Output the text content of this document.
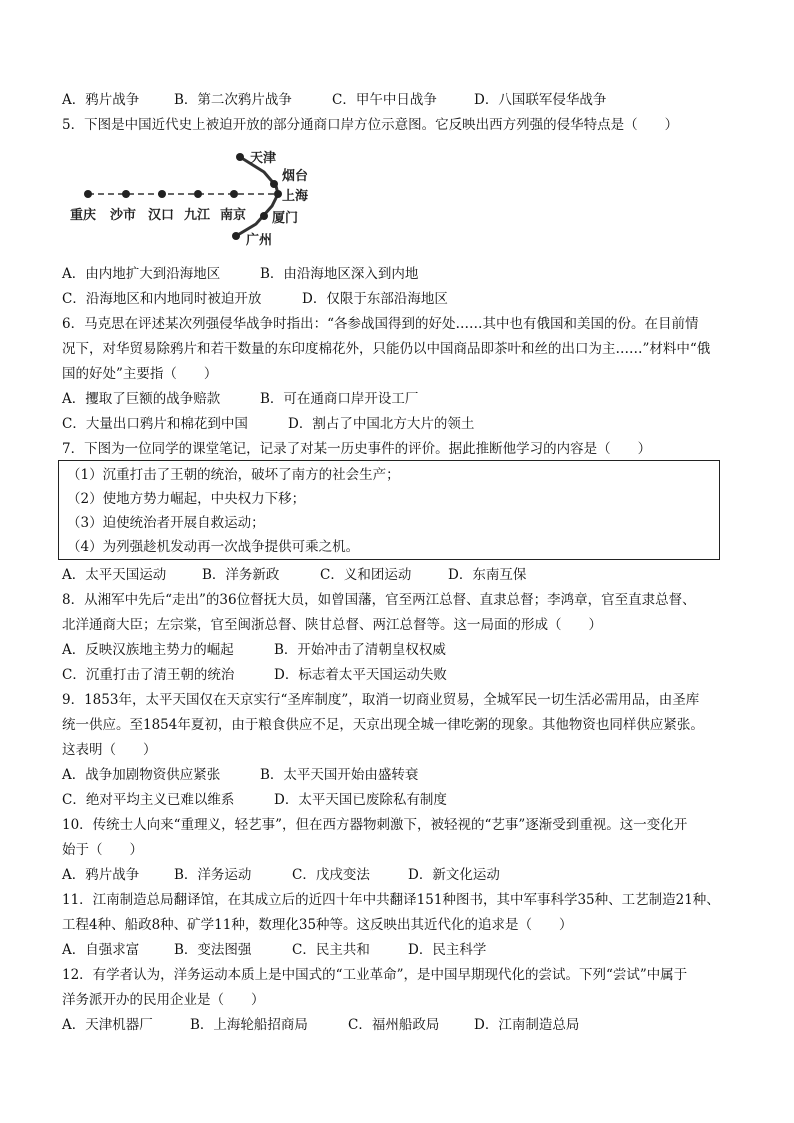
A．鸦片战争	B．第二次鸦片战争	C．甲午中日战争	D．八国联军侵华战争
5．下图是中国近代史上被迫开放的部分通商口岸方位示意图。它反映出西方列强的侵华特点是（　　）
重庆 沙市 汉口 九江 南京
天津
烟台
上海
厦门
广州
A．由内地扩大到沿海地区	B．由沿海地区深入到内地
C．沿海地区和内地同时被迫开放	D．仅限于东部沿海地区
6．马克思在评述某次列强侵华战争时指出：“各参战国得到的好处……其中也有俄国和美国的份。在目前情
况下，对华贸易除鸦片和若干数量的东印度棉花外，只能仍以中国商品即茶叶和丝的出口为主……”材料中“俄
国的好处”主要指（　　）
A．攫取了巨额的战争赔款	B．可在通商口岸开设工厂
C．大量出口鸦片和棉花到中国	D．割占了中国北方大片的领土
7．下图为一位同学的课堂笔记，记录了对某一历史事件的评价。据此推断他学习的内容是（　　）
（1）沉重打击了王朝的统治，破坏了南方的社会生产；
（2）使地方势力崛起，中央权力下移；
（3）迫使统治者开展自救运动；
（4）为列强趁机发动再一次战争提供可乘之机。
A．太平天国运动	B．洋务新政	C．义和团运动	D．东南互保
8．从湘军中先后“走出”的36位督抚大员，如曾国藩，官至两江总督、直隶总督；李鸿章，官至直隶总督、
北洋通商大臣；左宗棠，官至闽浙总督、陕甘总督、两江总督等。这一局面的形成（　　）
A．反映汉族地主势力的崛起	B．开始冲击了清朝皇权权威
C．沉重打击了清王朝的统治	D．标志着太平天国运动失败
9．1853年，太平天国仅在天京实行“圣库制度”，取消一切商业贸易，全城军民一切生活必需用品，由圣库
统一供应。至1854年夏初，由于粮食供应不足，天京出现全城一律吃粥的现象。其他物资也同样供应紧张。
这表明（　　）
A．战争加剧物资供应紧张	B．太平天国开始由盛转衰
C．绝对平均主义已难以维系	D．太平天国已废除私有制度
10．传统士人向来“重理义，轻艺事”，但在西方器物刺激下，被轻视的“艺事”逐渐受到重视。这一变化开
始于（　　）
A．鸦片战争	B．洋务运动	C．戊戌变法	D．新文化运动
11．江南制造总局翻译馆，在其成立后的近四十年中共翻译151种图书，其中军事科学35种、工艺制造21种、
工程4种、船政8种、矿学11种，数理化35种等。这反映出其近代化的追求是（　　）
A．自强求富	B．变法图强	C．民主共和	D．民主科学
12．有学者认为，洋务运动本质上是中国式的“工业革命”，是中国早期现代化的尝试。下列“尝试”中属于
洋务派开办的民用企业是（　　）
A．天津机器厂	B．上海轮船招商局	C．福州船政局	D．江南制造总局
